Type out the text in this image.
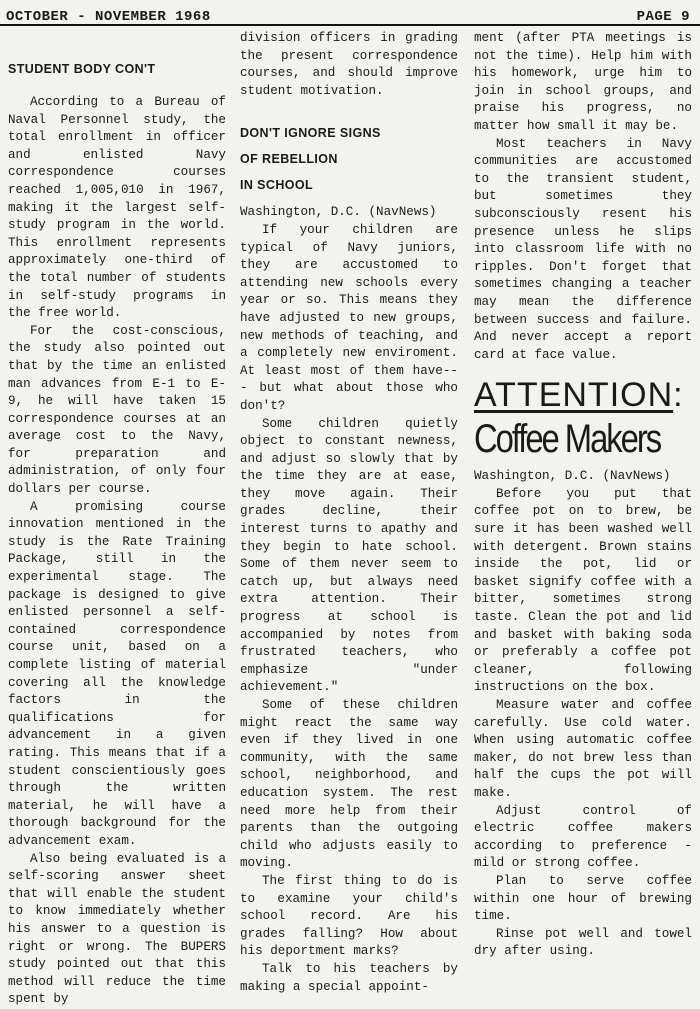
OCTOBER - NOVEMBER 1968	PAGE 9
STUDENT BODY CON'T

According to a Bureau of Naval Personnel study, the total enrollment in officer and enlisted Navy correspondence courses reached 1,005,010 in 1967, making it the largest self-study program in the world. This enrollment represents approximately one-third of the total number of students in self-study programs in the free world.

For the cost-conscious, the study also pointed out that by the time an enlisted man advances from E-1 to E-9, he will have taken 15 correspondence courses at an average cost to the Navy, for preparation and administration, of only four dollars per course.

A promising course innovation mentioned in the study is the Rate Training Package, still in the experimental stage. The package is designed to give enlisted personnel a self-contained correspondence course unit, based on a complete listing of material covering all the knowledge factors in the qualifications for advancement in a given rating. This means that if a student conscientiously goes through the written material, he will have a thorough background for the advancement exam.

Also being evaluated is a self-scoring answer sheet that will enable the student to know immediately whether his answer to a question is right or wrong. The BUPERS study pointed out that this method will reduce the time spent by

division officers in grading the present correspondence courses, and should improve student motivation.

DON'T IGNORE SIGNS
OF REBELLION
IN SCHOOL

Washington, D.C. (NavNews)

If your children are typical of Navy juniors, they are accustomed to attending new schools every year or so. This means they have adjusted to new groups, new methods of teaching, and a completely new enviroment. At least most of them have--- but what about those who don't?

Some children quietly object to constant newness, and adjust so slowly that by the time they are at ease, they move again. Their grades decline, their interest turns to apathy and they begin to hate school. Some of them never seem to catch up, but always need extra attention. Their progress at school is accompanied by notes from frustrated teachers, who emphasize "under achievement."

Some of these children might react the same way even if they lived in one community, with the same school, neighborhood, and education system. The rest need more help from their parents than the outgoing child who adjusts easily to moving.

The first thing to do is to examine your child's school record. Are his grades falling? How about his deportment marks?

Talk to his teachers by making a special appoint-

ment (after PTA meetings is not the time). Help him with his homework, urge him to join in school groups, and praise his progress, no matter how small it may be.

Most teachers in Navy communities are accustomed to the transient student, but sometimes they subconsciously resent his presence unless he slips into classroom life with no ripples. Don't forget that sometimes changing a teacher may mean the difference between success and failure. And never accept a report card at face value.

ATTENTION:
Coffee Makers

Washington, D.C. (NavNews)

Before you put that coffee pot on to brew, be sure it has been washed well with detergent. Brown stains inside the pot, lid or basket signify coffee with a bitter, sometimes strong taste. Clean the pot and lid and basket with baking soda or preferably a coffee pot cleaner, following instructions on the box.

Measure water and coffee carefully. Use cold water. When using automatic coffee maker, do not brew less than half the cups the pot will make.

Adjust control of electric coffee makers according to preference - mild or strong coffee.

Plan to serve coffee within one hour of brewing time.

Rinse pot well and towel dry after using.
